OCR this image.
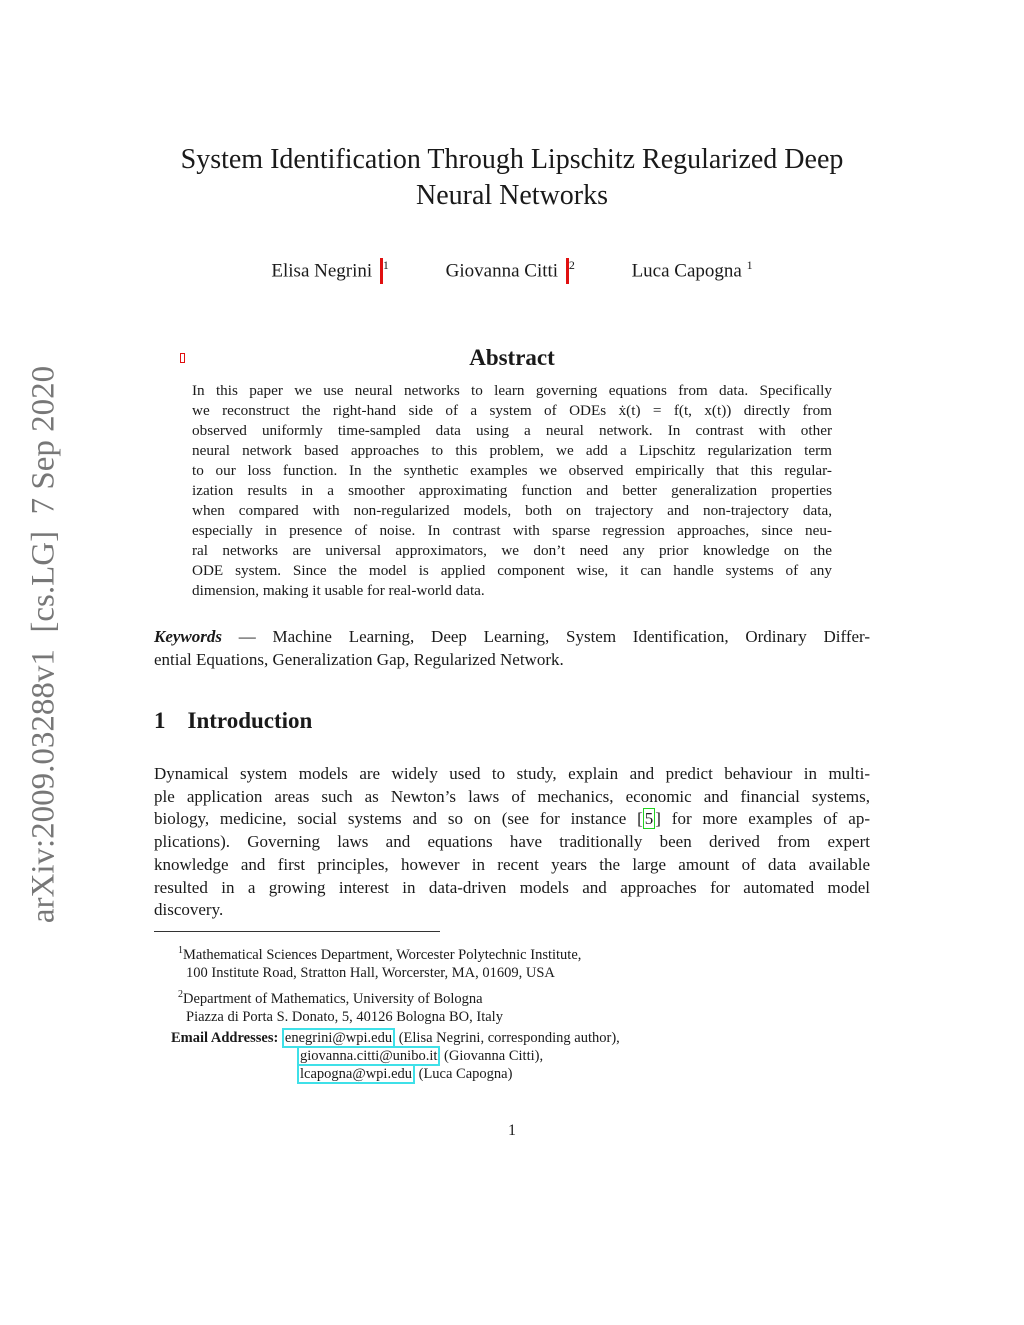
arXiv:2009.03288v1  [cs.LG]  7 Sep 2020
System Identification Through Lipschitz Regularized Deep
Neural Networks
Elisa Negrini $^1$	Giovanna Citti $^2$	Luca Capogna $^1$
Abstract
In this paper we use neural networks to learn governing equations from data. Specifically
we reconstruct the right-hand side of a system of ODEs ẋ(t) = f(t, x(t)) directly from
observed uniformly time-sampled data using a neural network. In contrast with other
neural network based approaches to this problem, we add a Lipschitz regularization term
to our loss function. In the synthetic examples we observed empirically that this regular-
ization results in a smoother approximating function and better generalization properties
when compared with non-regularized models, both on trajectory and non-trajectory data,
especially in presence of noise. In contrast with sparse regression approaches, since neu-
ral networks are universal approximators, we don’t need any prior knowledge on the
ODE system. Since the model is applied component wise, it can handle systems of any
dimension, making it usable for real-world data.
Keywords — Machine Learning, Deep Learning, System Identification, Ordinary Differ-
ential Equations, Generalization Gap, Regularized Network.
1 Introduction
Dynamical system models are widely used to study, explain and predict behaviour in multi-
ple application areas such as Newton’s laws of mechanics, economic and financial systems,
biology, medicine, social systems and so on (see for instance [ 5 ] for more examples of ap-
plications). Governing laws and equations have traditionally been derived from expert
knowledge and first principles, however in recent years the large amount of data available
resulted in a growing interest in data-driven models and approaches for automated model
discovery.
$^1$Mathematical Sciences Department, Worcester Polytechnic Institute,
100 Institute Road, Stratton Hall, Worcerster, MA, 01609, USA
$^2$Department of Mathematics, University of Bologna
Piazza di Porta S. Donato, 5, 40126 Bologna BO, Italy
Email Addresses: enegrini@wpi.edu (Elisa Negrini, corresponding author),
giovanna.citti@unibo.it (Giovanna Citti),
lcapogna@wpi.edu (Luca Capogna)
1
